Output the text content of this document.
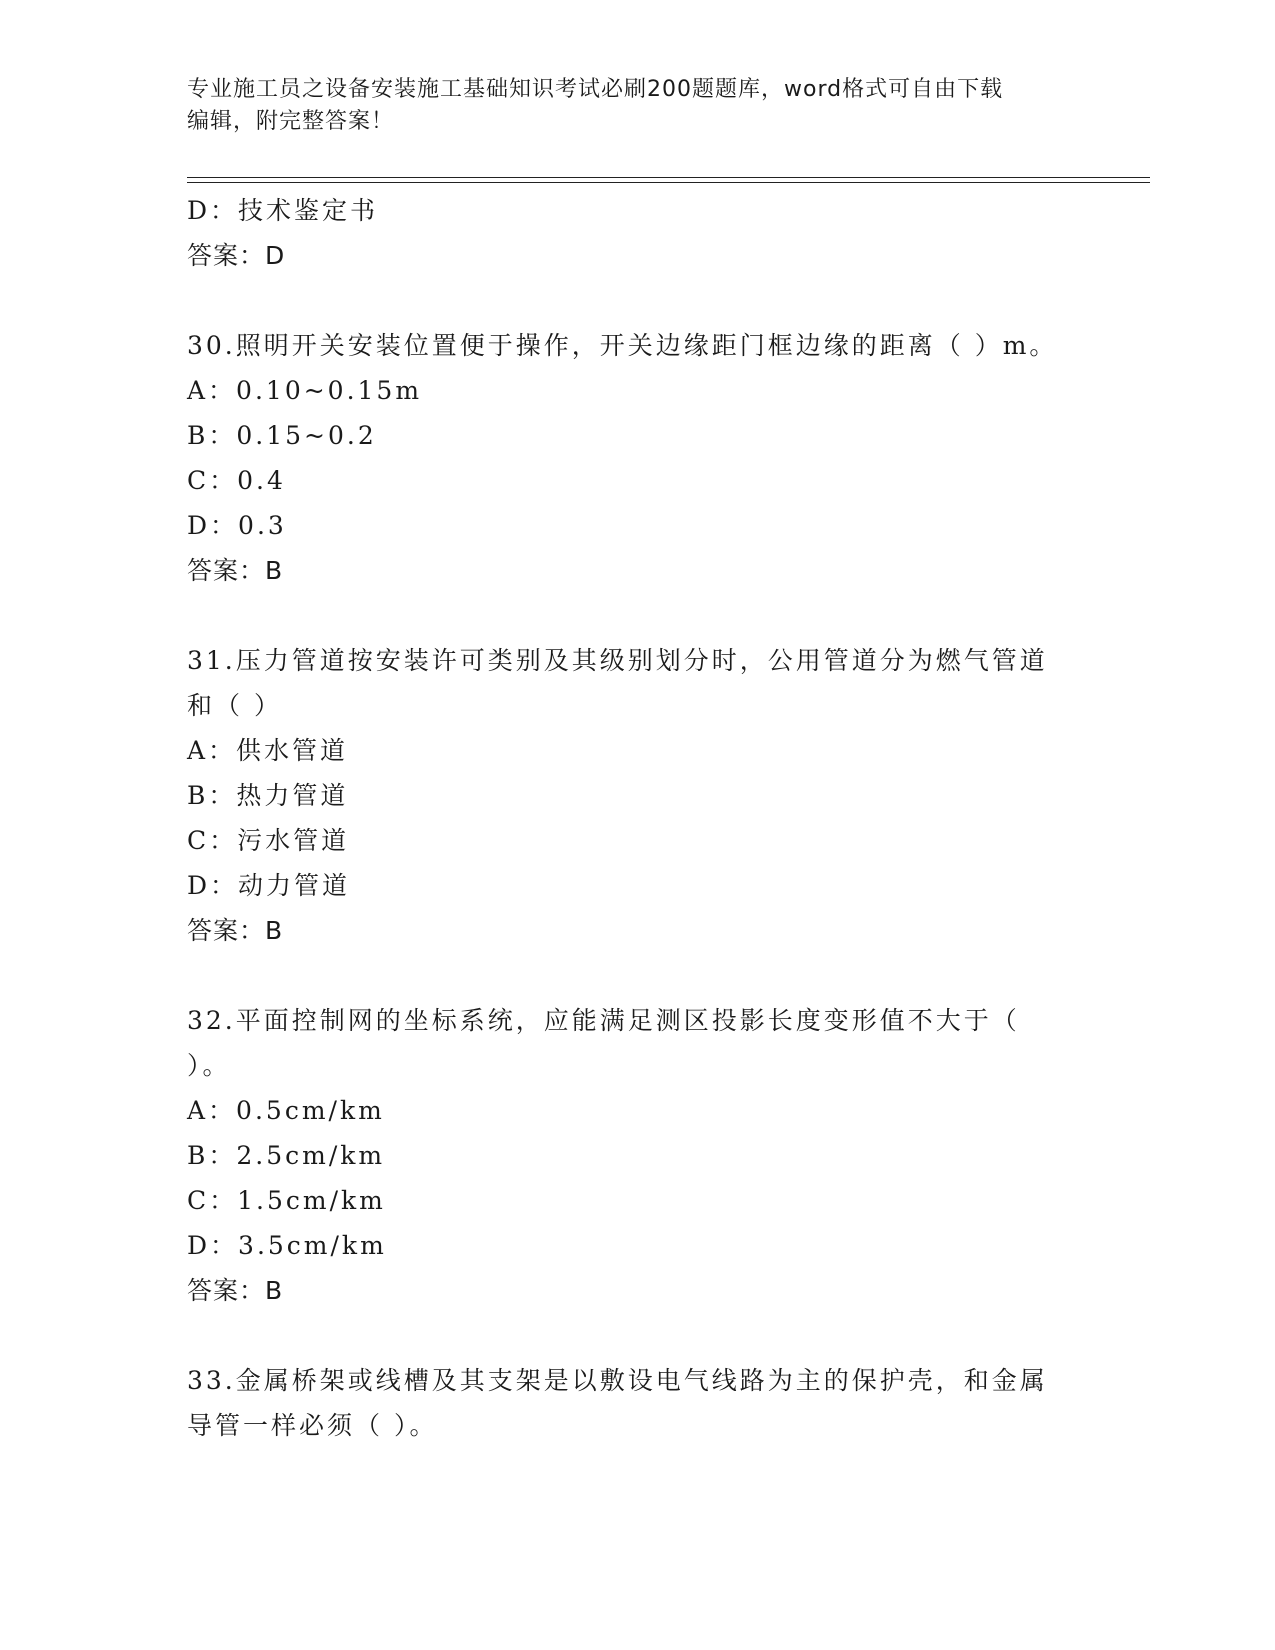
专业施工员之设备安装施工基础知识考试必刷200题题库，word格式可自由下载
编辑，附完整答案！
D：技术鉴定书
答案：D
30.照明开关安装位置便于操作，开关边缘距门框边缘的距离（ ）m。
A：0.10~0.15m
B：0.15~0.2
C：0.4
D：0.3
答案：B
31.压力管道按安装许可类别及其级别划分时，公用管道分为燃气管道
和（ ）
A：供水管道
B：热力管道
C：污水管道
D：动力管道
答案：B
32.平面控制网的坐标系统，应能满足测区投影长度变形值不大于（
）。
A：0.5cm/km
B：2.5cm/km
C：1.5cm/km
D：3.5cm/km
答案：B
33.金属桥架或线槽及其支架是以敷设电气线路为主的保护壳，和金属
导管一样必须（ ）。
